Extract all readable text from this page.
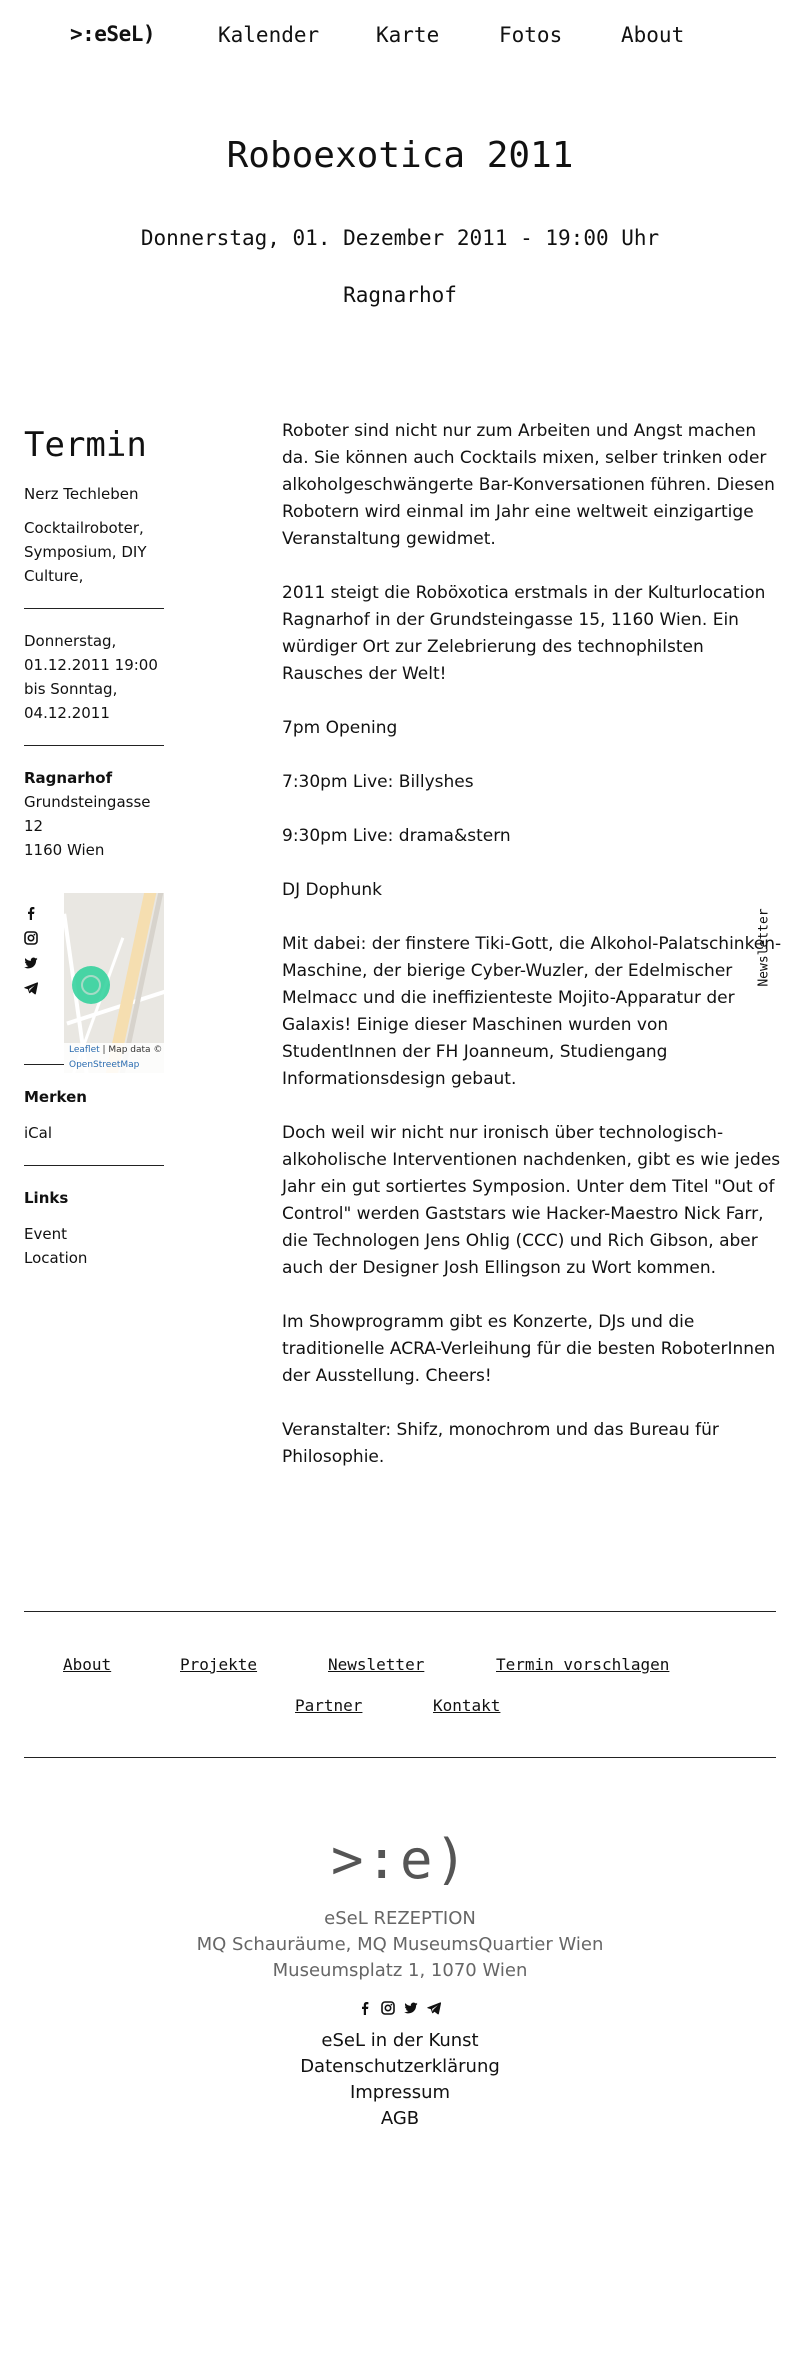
>:eSeL)	Kalender	Karte	Fotos	About
Roboexotica 2011
Donnerstag, 01. Dezember 2011 - 19:00 Uhr
Ragnarhof
Termin

Nerz Techleben

Cocktailroboter, Symposium, DIY Culture,

Donnerstag,
01.12.2011 19:00
bis Sonntag,
04.12.2011
Ragnarhof
Grundsteingasse
12
1160 Wien
Merken
iCal
Links
Event
Location
Leaflet | Map data ©
OpenStreetMap

Roboter sind nicht nur zum Arbeiten und Angst machen da. Sie können auch Cocktails mixen, selber trinken oder alkoholgeschwängerte Bar-Konversationen führen. Diesen Robotern wird einmal im Jahr eine weltweit einzigartige Veranstaltung gewidmet.

2011 steigt die Roböxotica erstmals in der Kulturlocation Ragnarhof in der Grundsteingasse 15, 1160 Wien. Ein würdiger Ort zur Zelebrierung des technophilsten Rausches der Welt!

7pm Opening

7:30pm Live: Billyshes

9:30pm Live: drama&stern

DJ Dophunk

Mit dabei: der finstere Tiki-Gott, die Alkohol-Palatschinken-Maschine, der bierige Cyber-Wuzler, der Edelmischer Melmacc und die ineffizienteste Mojito-Apparatur der Galaxis! Einige dieser Maschinen wurden von StudentInnen der FH Joanneum, Studiengang Informationsdesign gebaut.

Doch weil wir nicht nur ironisch über technologisch-alkoholische Interventionen nachdenken, gibt es wie jedes Jahr ein gut sortiertes Symposion. Unter dem Titel "Out of Control" werden Gaststars wie Hacker-Maestro Nick Farr, die Technologen Jens Ohlig (CCC) und Rich Gibson, aber auch der Designer Josh Ellingson zu Wort kommen.

Im Showprogramm gibt es Konzerte, DJs und die traditionelle ACRA-Verleihung für die besten RoboterInnen der Ausstellung. Cheers!

Veranstalter: Shifz, monochrom und das Bureau für Philosophie.

Newsletter
About	Projekte	Newsletter	Termin vorschlagen
Partner	Kontakt
>:e)
eSeL REZEPTION
MQ Schauräume, MQ MuseumsQuartier Wien
Museumsplatz 1, 1070 Wien
eSeL in der Kunst
Datenschutzerklärung
Impressum
AGB
